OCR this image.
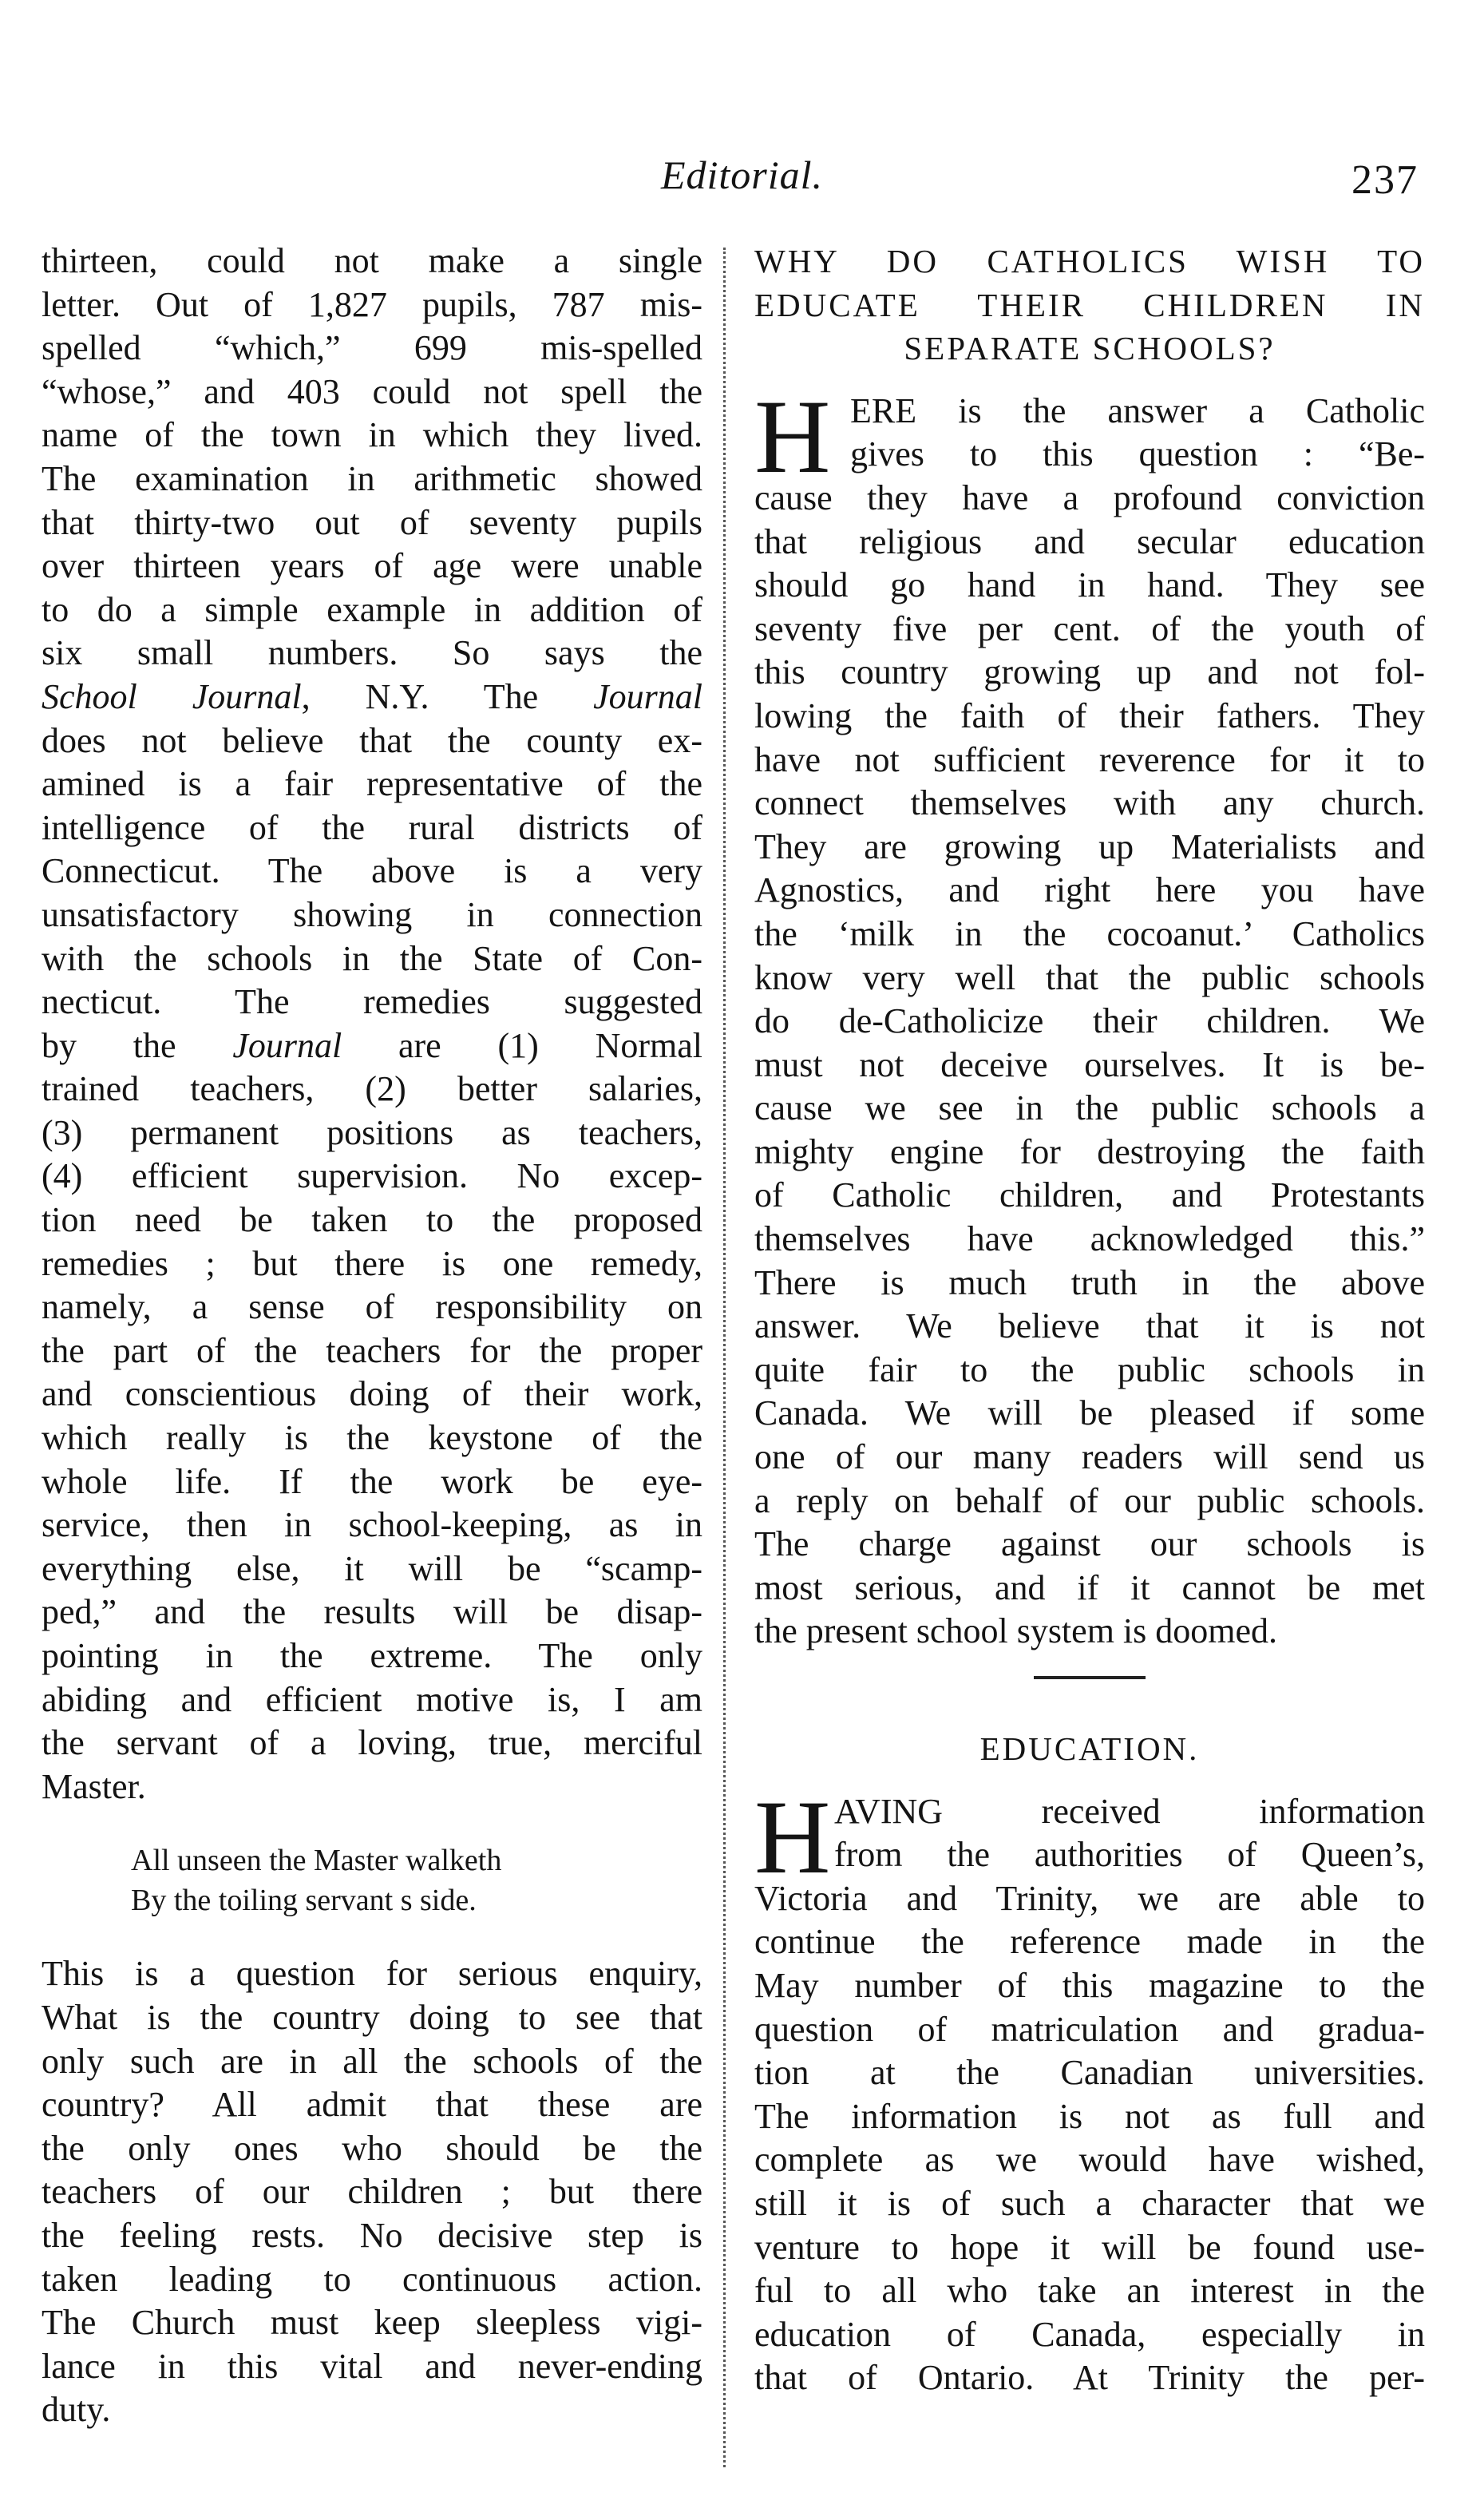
Editorial.	237
thirteen, could not make a single
letter. Out of 1,827 pupils, 787 mis-
spelled “which,” 699 mis-spelled
“whose,” and 403 could not spell the
name of the town in which they lived.
The examination in arithmetic showed
that thirty-two out of seventy pupils
over thirteen years of age were unable
to do a simple example in addition of
six small numbers. So says the
School Journal, N.Y. The Journal
does not believe that the county ex-
amined is a fair representative of the
intelligence of the rural districts of
Connecticut. The above is a very
unsatisfactory showing in connection
with the schools in the State of Con-
necticut. The remedies suggested
by the Journal are (1) Normal
trained teachers, (2) better salaries,
(3) permanent positions as teachers,
(4) efficient supervision. No excep-
tion need be taken to the proposed
remedies ; but there is one remedy,
namely, a sense of responsibility on
the part of the teachers for the proper
and conscientious doing of their work,
which really is the keystone of the
whole life. If the work be eye-
service, then in school-keeping, as in
everything else, it will be “scamp-
ped,” and the results will be disap-
pointing in the extreme. The only
abiding and efficient motive is, I am
the servant of a loving, true, merciful
Master.
All unseen the Master walketh
By the toiling servant s side.
This is a question for serious enquiry,
What is the country doing to see that
only such are in all the schools of the
country? All admit that these are
the only ones who should be the
teachers of our children ; but there
the feeling rests. No decisive step is
taken leading to continuous action.
The Church must keep sleepless vigi-
lance in this vital and never-ending
duty.
WHY DO CATHOLICS WISH TO
EDUCATE THEIR CHILDREN IN
SEPARATE SCHOOLS?
H ERE is the answer a Catholic
gives to this question : “Be-
cause they have a profound conviction
that religious and secular education
should go hand in hand. They see
seventy five per cent. of the youth of
this country growing up and not fol-
lowing the faith of their fathers. They
have not sufficient reverence for it to
connect themselves with any church.
They are growing up Materialists and
Agnostics, and right here you have
the ‘milk in the cocoanut.’ Catholics
know very well that the public schools
do de-Catholicize their children. We
must not deceive ourselves. It is be-
cause we see in the public schools a
mighty engine for destroying the faith
of Catholic children, and Protestants
themselves have acknowledged this.”
There is much truth in the above
answer. We believe that it is not
quite fair to the public schools in
Canada. We will be pleased if some
one of our many readers will send us
a reply on behalf of our public schools.
The charge against our schools is
most serious, and if it cannot be met
the present school system is doomed.
EDUCATION.
H AVING received information
from the authorities of Queen’s,
Victoria and Trinity, we are able to
continue the reference made in the
May number of this magazine to the
question of matriculation and gradua-
tion at the Canadian universities.
The information is not as full and
complete as we would have wished,
still it is of such a character that we
venture to hope it will be found use-
ful to all who take an interest in the
education of Canada, especially in
that of Ontario. At Trinity the per-
